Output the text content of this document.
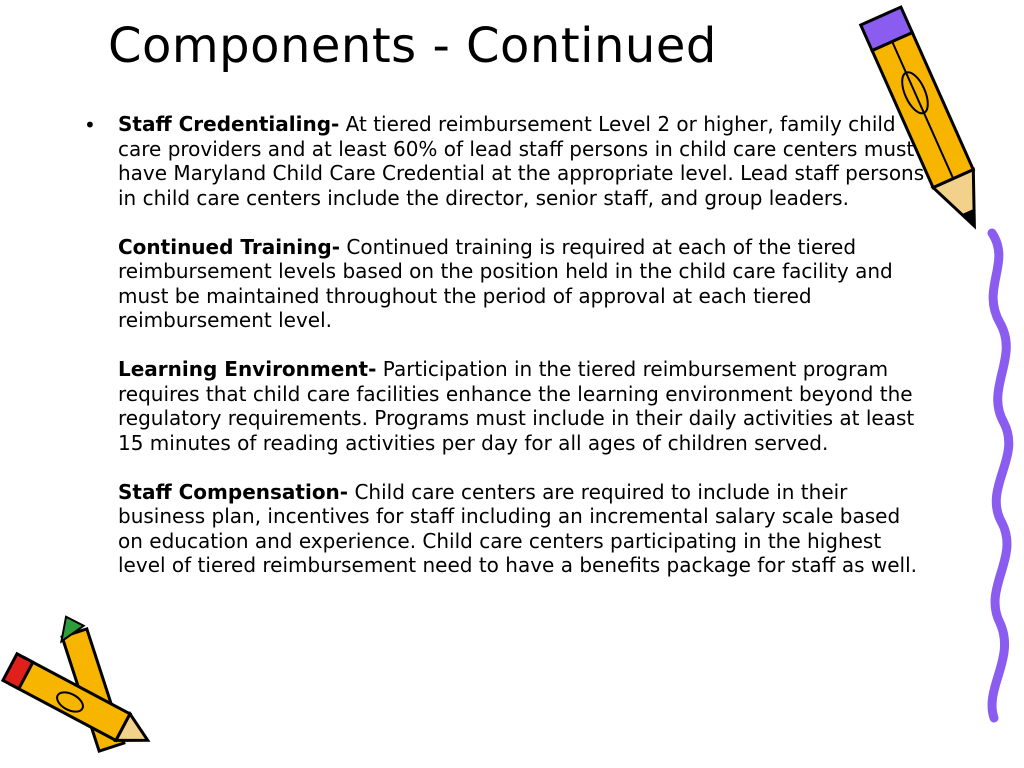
Components - Continued
• Staff Credentialing- At tiered reimbursement Level 2 or higher, family child care providers and at least 60% of lead staff persons in child care centers must have Maryland Child Care Credential at the appropriate level. Lead staff persons in child care centers include the director, senior staff, and group leaders.

Continued Training- Continued training is required at each of the tiered reimbursement levels based on the position held in the child care facility and must be maintained throughout the period of approval at each tiered reimbursement level.

Learning Environment- Participation in the tiered reimbursement program requires that child care facilities enhance the learning environment beyond the regulatory requirements. Programs must include in their daily activities at least 15 minutes of reading activities per day for all ages of children served.

Staff Compensation- Child care centers are required to include in their business plan, incentives for staff including an incremental salary scale based on education and experience. Child care centers participating in the highest level of tiered reimbursement need to have a benefits package for staff as well.
